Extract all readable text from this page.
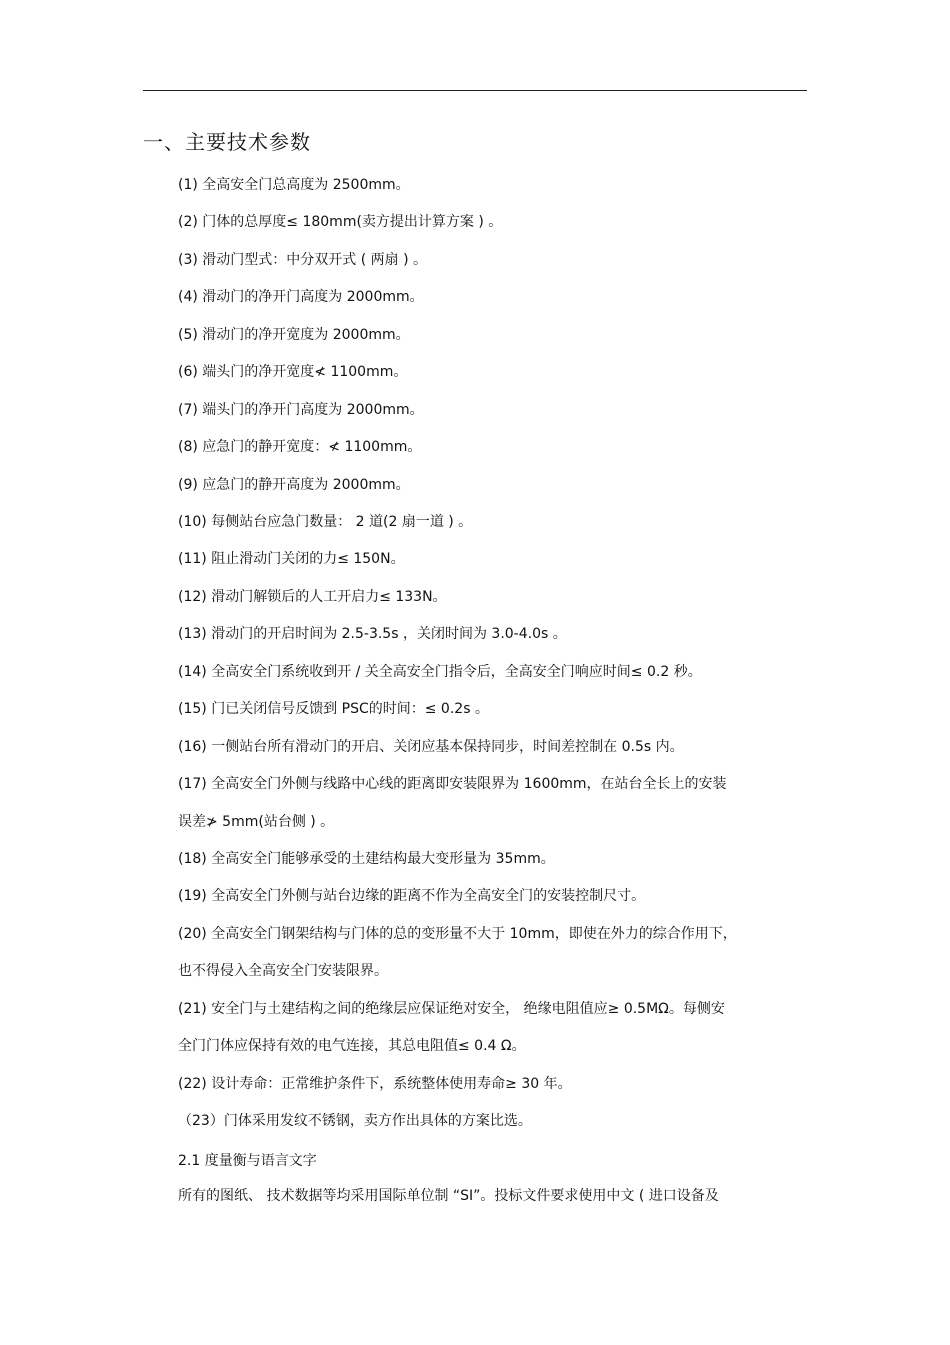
一、主要技术参数
(1) 全高安全门总高度为 2500mm。
(2) 门体的总厚度≤ 180mm(卖方提出计算方案 ) 。
(3) 滑动门型式：中分双开式 ( 两扇 ) 。
(4) 滑动门的净开门高度为 2000mm。
(5) 滑动门的净开宽度为 2000mm。
(6) 端头门的净开宽度≮ 1100mm。
(7) 端头门的净开门高度为 2000mm。
(8) 应急门的静开宽度：≮ 1100mm。
(9) 应急门的静开高度为 2000mm。
(10) 每侧站台应急门数量： 2 道(2 扇一道 ) 。
(11) 阻止滑动门关闭的力≤ 150N。
(12) 滑动门解锁后的人工开启力≤ 133N。
(13) 滑动门的开启时间为 2.5-3.5s ，关闭时间为 3.0-4.0s 。
(14) 全高安全门系统收到开 / 关全高安全门指令后，全高安全门响应时间≤ 0.2 秒。
(15) 门已关闭信号反馈到 PSC的时间：≤ 0.2s 。
(16) 一侧站台所有滑动门的开启、关闭应基本保持同步，时间差控制在 0.5s 内。
(17) 全高安全门外侧与线路中心线的距离即安装限界为 1600mm，在站台全长上的安装
误差≯ 5mm(站台侧 ) 。
(18) 全高安全门能够承受的土建结构最大变形量为 35mm。
(19) 全高安全门外侧与站台边缘的距离不作为全高安全门的安装控制尺寸。
(20) 全高安全门钢架结构与门体的总的变形量不大于 10mm，即使在外力的综合作用下，
也不得侵入全高安全门安装限界。
(21) 安全门与土建结构之间的绝缘层应保证绝对安全， 绝缘电阻值应≥ 0.5MΩ。每侧安
全门门体应保持有效的电气连接，其总电阻值≤ 0.4 Ω。
(22) 设计寿命：正常维护条件下，系统整体使用寿命≥ 30 年。
（23）门体采用发纹不锈钢，卖方作出具体的方案比选。
2.1 度量衡与语言文字
所有的图纸、 技术数据等均采用国际单位制 “SI”。投标文件要求使用中文 ( 进口设备及
